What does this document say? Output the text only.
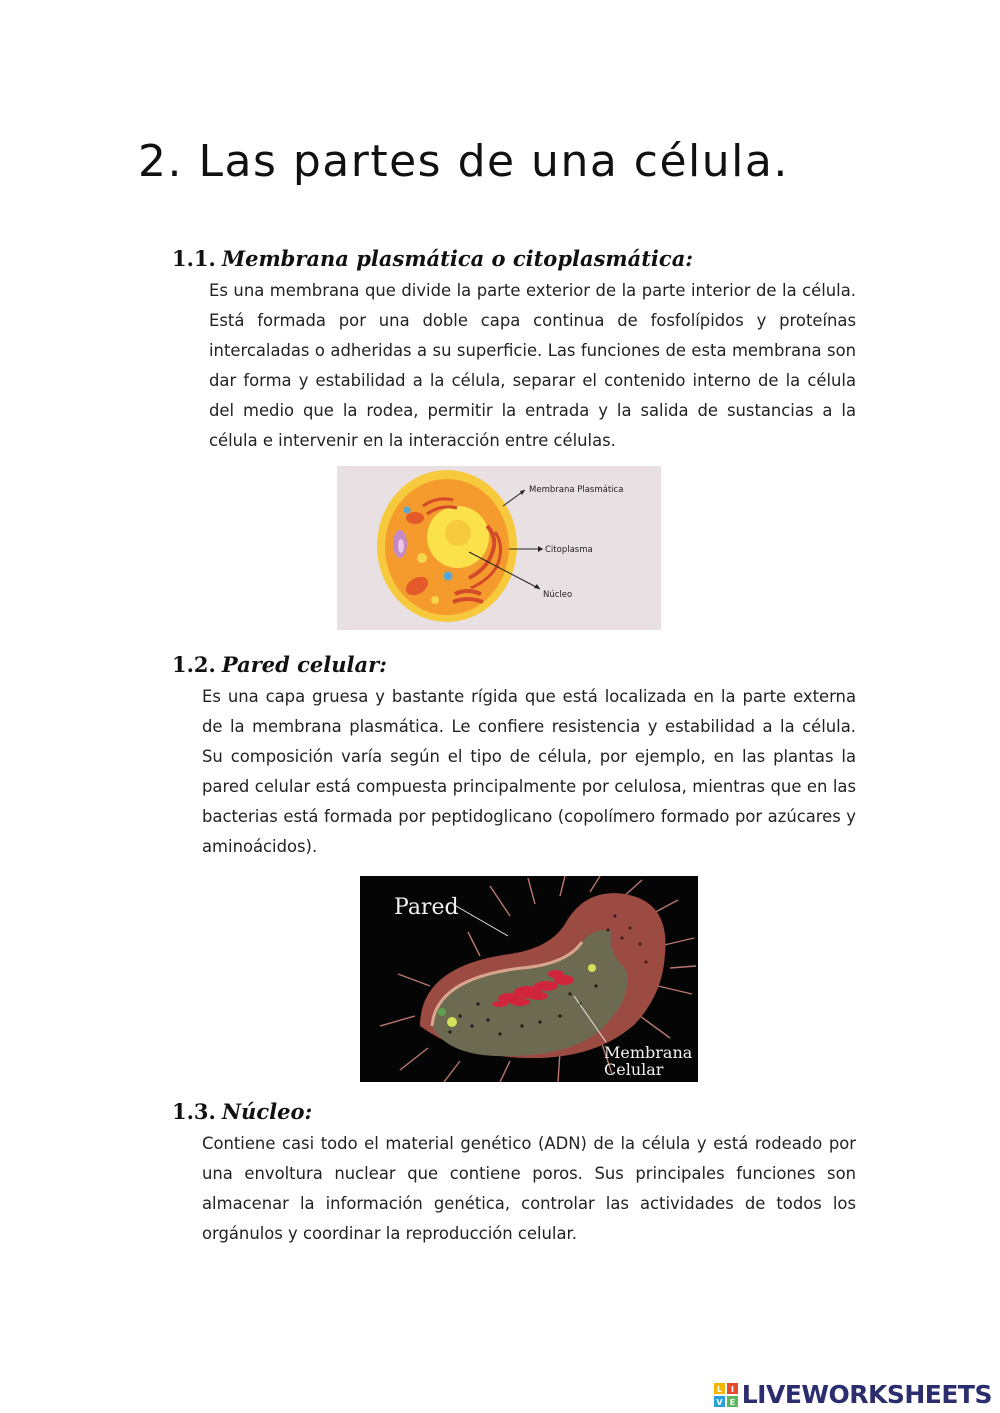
2. Las partes de una célula.
1.1. Membrana plasmática o citoplasmática:

Es una membrana que divide la parte exterior de la parte interior de la célula. Está formada por una doble capa continua de fosfolípidos y proteínas intercaladas o adheridas a su superficie. Las funciones de esta membrana son dar forma y estabilidad a la célula, separar el contenido interno de la célula del medio que la rodea, permitir la entrada y la salida de sustancias a la célula e intervenir en la interacción entre células.

Membrana Plasmática
Citoplasma
Núcleo
1.2. Pared celular:

Es una capa gruesa y bastante rígida que está localizada en la parte externa de la membrana plasmática. Le confiere resistencia y estabilidad a la célula. Su composición varía según el tipo de célula, por ejemplo, en las plantas la pared celular está compuesta principalmente por celulosa, mientras que en las bacterias está formada por peptidoglicano (copolímero formado por azúcares y aminoácidos).

Pared
Membrana
Celular
1.3. Núcleo:

Contiene casi todo el material genético (ADN) de la célula y está rodeado por una envoltura nuclear que contiene poros. Sus principales funciones son almacenar la información genética, controlar las actividades de todos los orgánulos y coordinar la reproducción celular.

L I
V E LIVEWORKSHEETS
